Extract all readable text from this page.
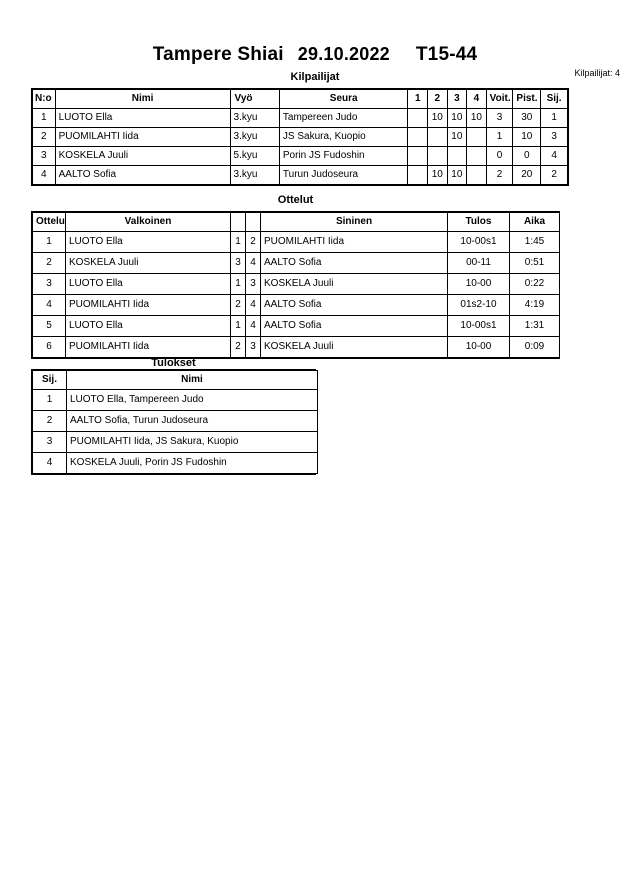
Tampere Shiai 29.10.2022 T15-44
Kilpailijat: 4
Kilpailijat
N:o	Nimi	Vyö	Seura	1	2	3	4	Voit.	Pist.	Sij.
1	LUOTO Ella	3.kyu	Tampereen Judo		10	10	10	3	30	1
2	PUOMILAHTI Iida	3.kyu	JS Sakura, Kuopio			10		1	10	3
3	KOSKELA Juuli	5.kyu	Porin JS Fudoshin					0	0	4
4	AALTO Sofia	3.kyu	Turun Judoseura		10	10		2	20	2
Ottelut
Ottelu	Valkoinen			Sininen	Tulos	Aika
1	LUOTO Ella	1	2	PUOMILAHTI Iida	10-00s1	1:45
2	KOSKELA Juuli	3	4	AALTO Sofia	00-11	0:51
3	LUOTO Ella	1	3	KOSKELA Juuli	10-00	0:22
4	PUOMILAHTI Iida	2	4	AALTO Sofia	01s2-10	4:19
5	LUOTO Ella	1	4	AALTO Sofia	10-00s1	1:31
6	PUOMILAHTI Iida	2	3	KOSKELA Juuli	10-00	0:09
Tulokset
Sij.	Nimi
1	LUOTO Ella, Tampereen Judo
2	AALTO Sofia, Turun Judoseura
3	PUOMILAHTI Iida, JS Sakura, Kuopio
4	KOSKELA Juuli, Porin JS Fudoshin
